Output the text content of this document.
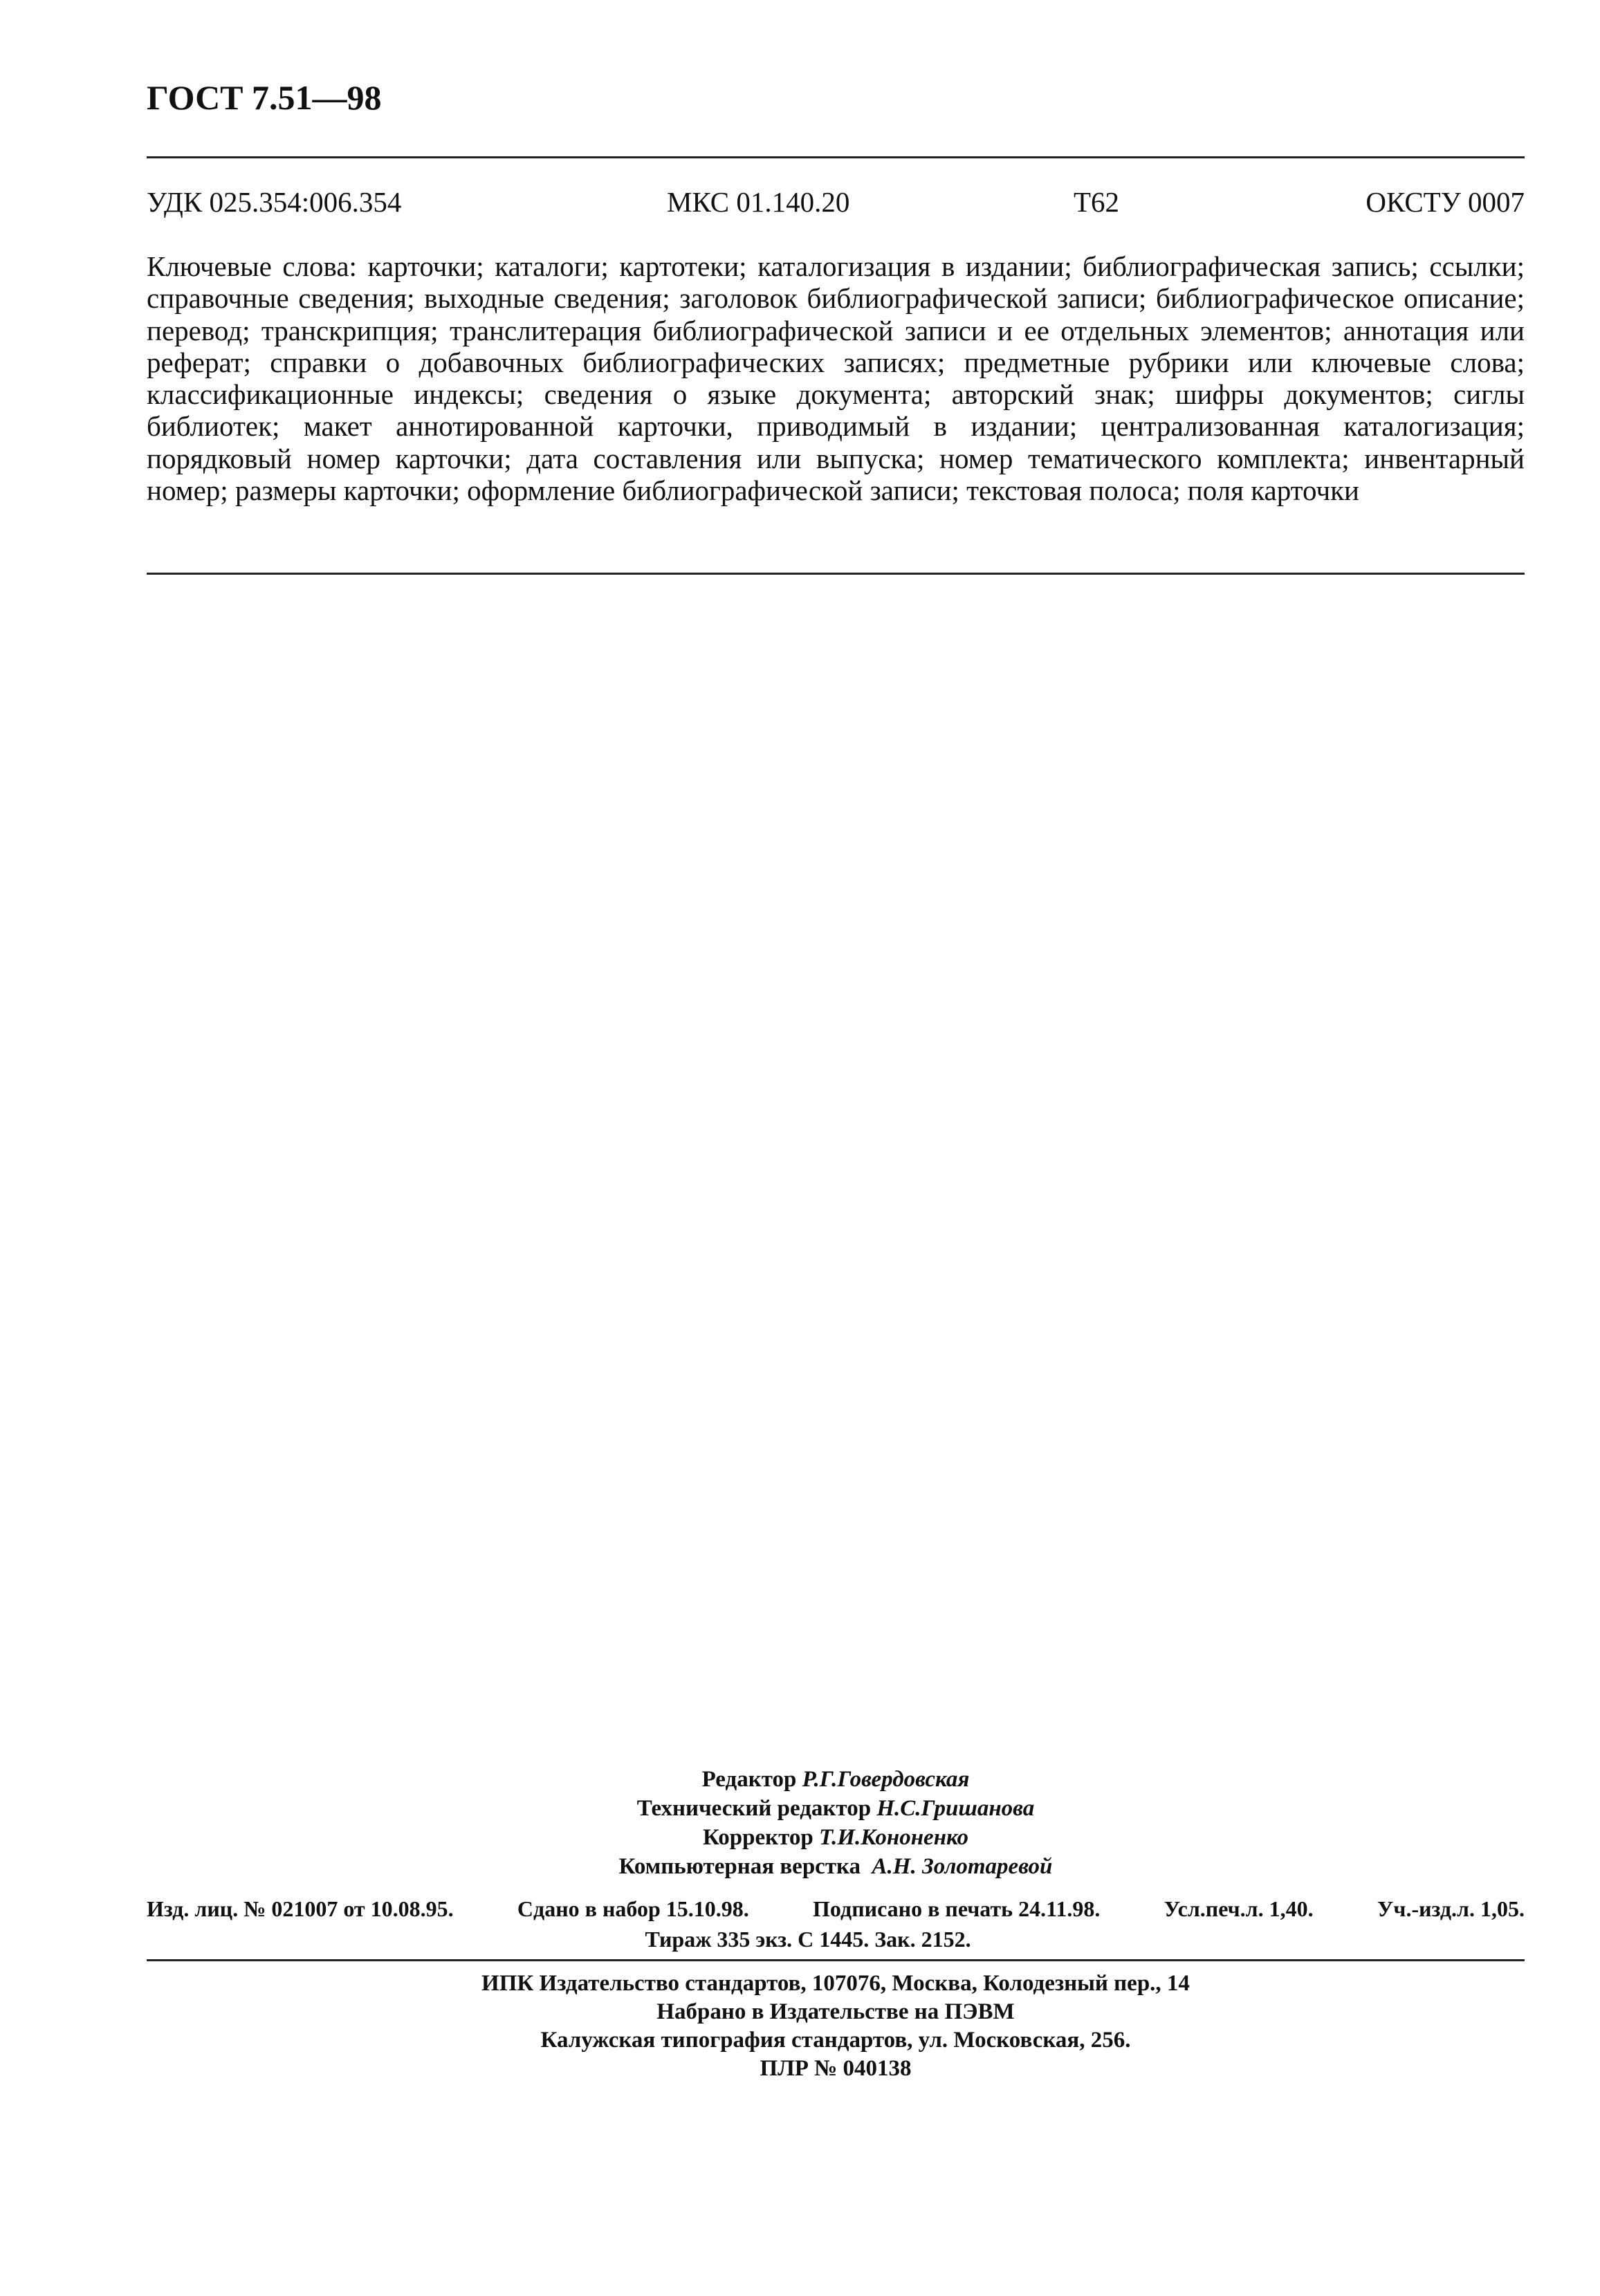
ГОСТ 7.51—98
УДК 025.354:006.354	МКС 01.140.20	Т62	ОКСТУ 0007
Ключевые слова: карточки; каталоги; картотеки; каталогизация в издании; библиографическая запись; ссылки; справочные сведения; выходные сведения; заголовок библиографической записи; библиографическое описание; перевод; транскрипция; транслитерация библиографической записи и ее отдельных элементов; аннотация или реферат; справки о добавочных библиографических записях; предметные рубрики или ключевые слова; классификационные индексы; сведения о языке документа; авторский знак; шифры документов; сиглы библиотек; макет аннотированной карточки, приводимый в издании; централизованная каталогизация; порядковый номер карточки; дата составления или выпуска; номер тематического комплекта; инвентарный номер; размеры карточки; оформление библиографической записи; текстовая полоса; поля карточки
Редактор Р.Г.Говердовская
Технический редактор Н.С.Гришанова
Корректор Т.И.Кононенко
Компьютерная верстка А.Н. Золотаревой
Изд. лиц. № 021007 от 10.08.95.	Сдано в набор 15.10.98.	Подписано в печать 24.11.98.	Усл.печ.л. 1,40.	Уч.-изд.л. 1,05.
Тираж 335 экз. С 1445. Зак. 2152.
ИПК Издательство стандартов, 107076, Москва, Колодезный пер., 14
Набрано в Издательстве на ПЭВМ
Калужская типография стандартов, ул. Московская, 256.
ПЛР № 040138
